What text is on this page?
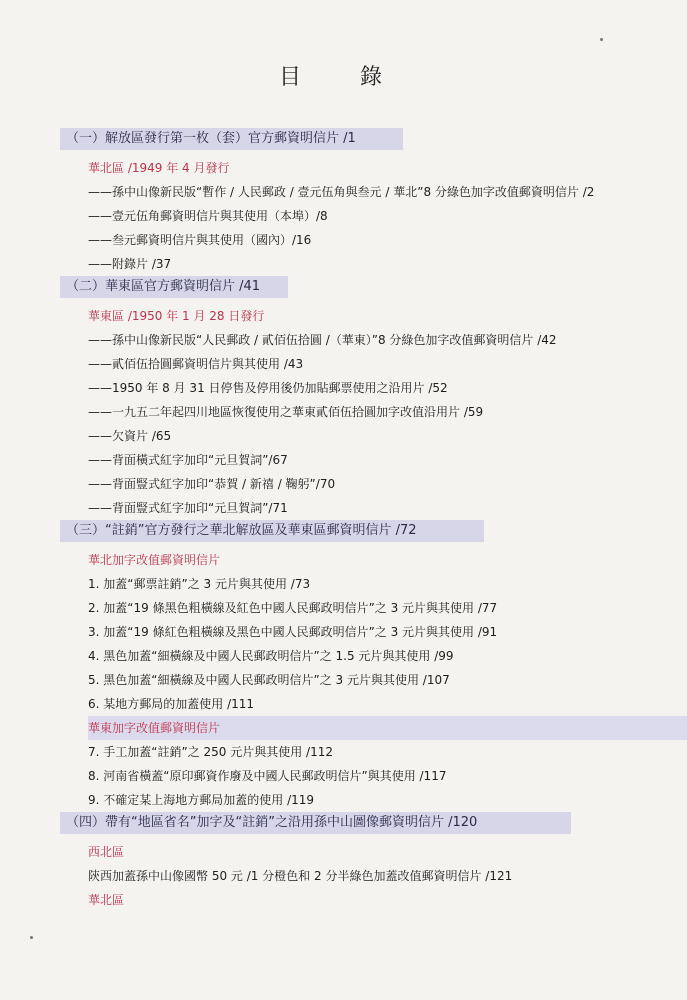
目 錄
（一）解放區發行第一枚（套）官方郵資明信片 /1
華北區 /1949 年 4 月發行
——孫中山像新民版“暫作 / 人民郵政 / 壹元伍角與叁元 / 華北”8 分綠色加字改值郵資明信片 /2
——壹元伍角郵資明信片與其使用（本埠）/8
——叁元郵資明信片與其使用（國內）/16
——附錄片 /37
（二）華東區官方郵資明信片 /41
華東區 /1950 年 1 月 28 日發行
——孫中山像新民版“人民郵政 / 貳佰伍拾圓 /（華東）”8 分綠色加字改值郵資明信片 /42
——貳佰伍拾圓郵資明信片與其使用 /43
——1950 年 8 月 31 日停售及停用後仍加貼郵票使用之沿用片 /52
——一九五二年起四川地區恢復使用之華東貳佰伍拾圓加字改值沿用片 /59
——欠資片 /65
——背面橫式紅字加印“元旦賀詞”/67
——背面豎式紅字加印“恭賀 / 新禧 / 鞠躬”/70
——背面豎式紅字加印“元旦賀詞”/71
（三）“註銷”官方發行之華北解放區及華東區郵資明信片 /72
華北加字改值郵資明信片
1. 加蓋“郵票註銷”之 3 元片與其使用 /73
2. 加蓋“19 條黑色粗橫線及紅色中國人民郵政明信片”之 3 元片與其使用 /77
3. 加蓋“19 條紅色粗橫線及黑色中國人民郵政明信片”之 3 元片與其使用 /91
4. 黑色加蓋“細橫線及中國人民郵政明信片”之 1.5 元片與其使用 /99
5. 黑色加蓋“細橫線及中國人民郵政明信片”之 3 元片與其使用 /107
6. 某地方郵局的加蓋使用 /111
華東加字改值郵資明信片
7. 手工加蓋“註銷”之 250 元片與其使用 /112
8. 河南省橫蓋“原印郵資作廢及中國人民郵政明信片”與其使用 /117
9. 不確定某上海地方郵局加蓋的使用 /119
（四）帶有“地區省名”加字及“註銷”之沿用孫中山圖像郵資明信片 /120
西北區
陝西加蓋孫中山像國幣 50 元 /1 分橙色和 2 分半綠色加蓋改值郵資明信片 /121
華北區
